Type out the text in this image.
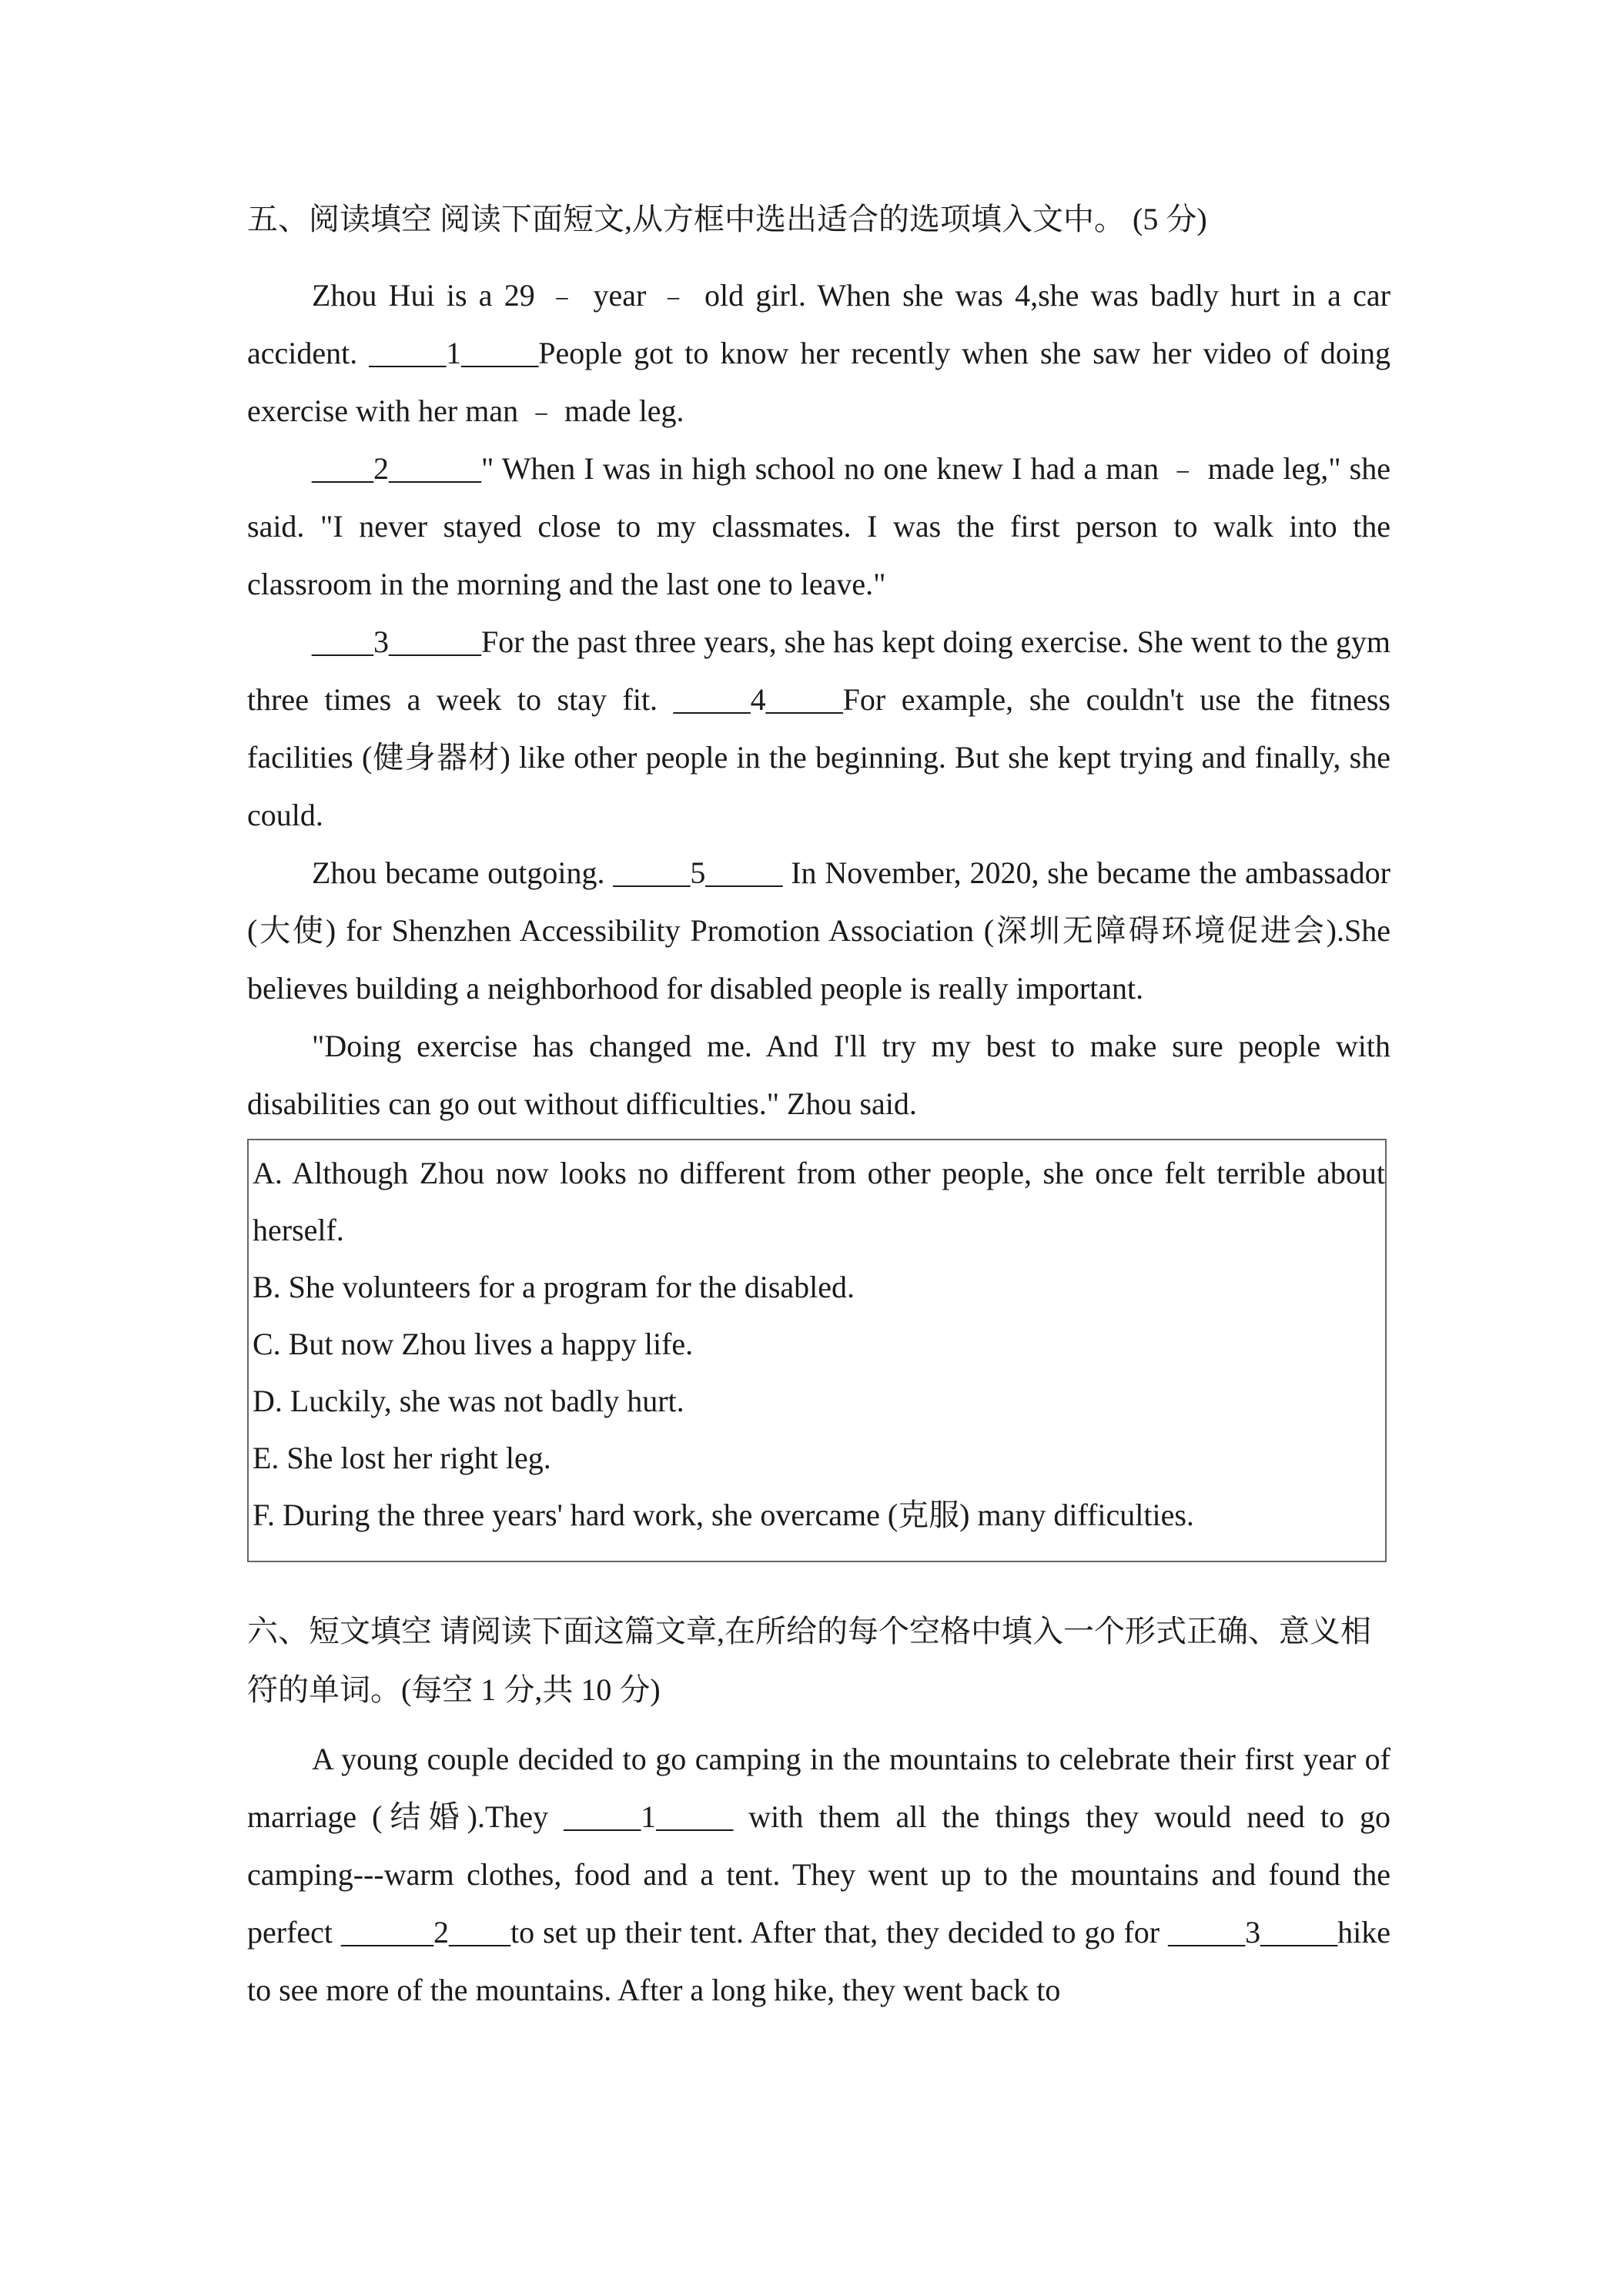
五、阅读填空 阅读下面短文,从方框中选出适合的选项填入文中。 (5 分)

Zhou Hui is a 29 ﹣ year ﹣ old girl. When she was 4,she was badly hurt in a car accident. _____1_____People got to know her recently when she saw her video of doing exercise with her man ﹣ made leg.

____2______" When I was in high school no one knew I had a man ﹣ made leg," she said. "I never stayed close to my classmates. I was the first person to walk into the classroom in the morning and the last one to leave."

____3______For the past three years, she has kept doing exercise. She went to the gym three times a week to stay fit. _____4_____For example, she couldn't use the fitness facilities (健身器材) like other people in the beginning. But she kept trying and finally, she could.

Zhou became outgoing. _____5_____ In November, 2020, she became the ambassador (大使) for Shenzhen Accessibility Promotion Association (深圳无障碍环境促进会).She believes building a neighborhood for disabled people is really important.

"Doing exercise has changed me. And I'll try my best to make sure people with disabilities can go out without difficulties." Zhou said.

A. Although Zhou now looks no different from other people, she once felt terrible about herself.

B. She volunteers for a program for the disabled.

C. But now Zhou lives a happy life.

D. Luckily, she was not badly hurt.

E. She lost her right leg.

F. During the three years' hard work, she overcame (克服) many difficulties.

六、短文填空 请阅读下面这篇文章,在所给的每个空格中填入一个形式正确、意义相符的单词。(每空 1 分,共 10 分)

A young couple decided to go camping in the mountains to celebrate their first year of marriage (结婚).They _____1_____ with them all the things they would need to go camping---warm clothes, food and a tent. They went up to the mountains and found the perfect ______2____to set up their tent. After that, they decided to go for _____3_____hike to see more of the mountains. After a long hike, they went back to
